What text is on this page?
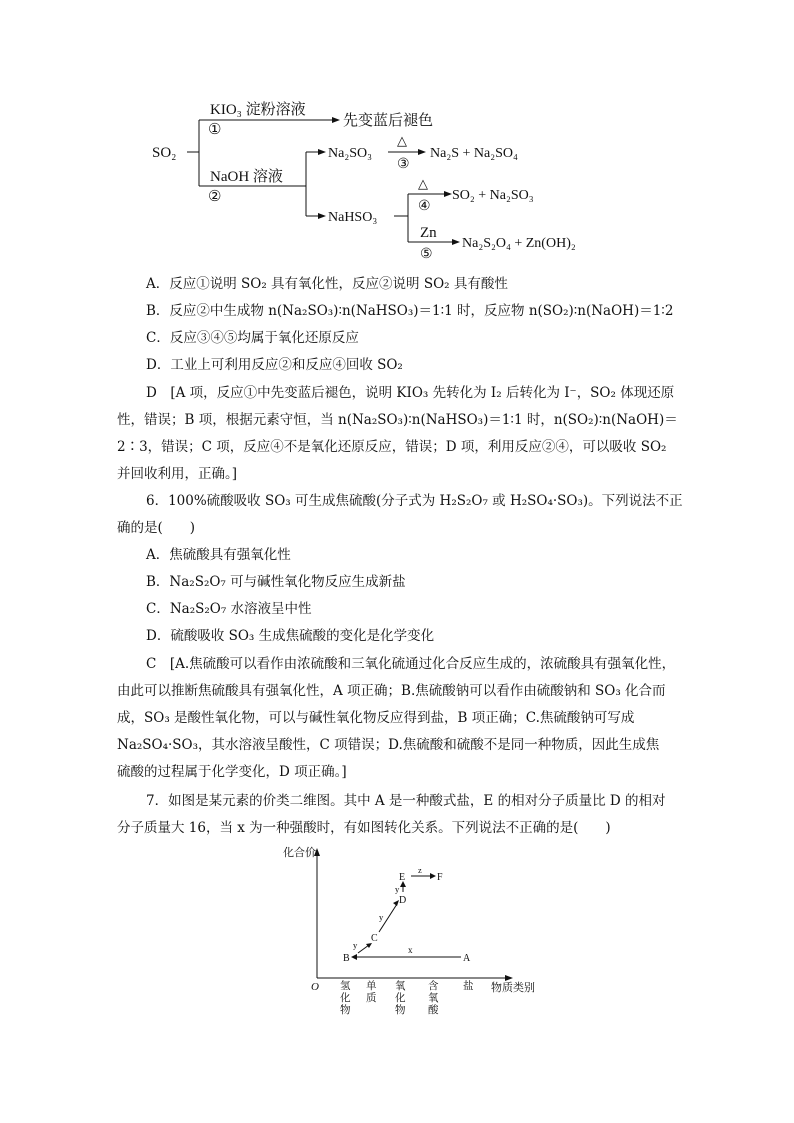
SO₂
KIO₃ 淀粉溶液
①
先变蓝后褪色
NaOH 溶液
②
Na₂SO₃
△
③
Na₂S + Na₂SO₄
NaHSO₃
△
④
SO₂ + Na₂SO₃
Zn
⑤
Na₂S₂O₄ + Zn(OH)₂
A．反应①说明 SO₂ 具有氧化性，反应②说明 SO₂ 具有酸性
B．反应②中生成物 n(Na₂SO₃)∶n(NaHSO₃)＝1∶1 时，反应物 n(SO₂)∶n(NaOH)＝1∶2
C．反应③④⑤均属于氧化还原反应
D．工业上可利用反应②和反应④回收 SO₂
D　[A 项，反应①中先变蓝后褪色，说明 KIO₃ 先转化为 I₂ 后转化为 I⁻，SO₂ 体现还原
性，错误；B 项，根据元素守恒，当 n(Na₂SO₃)∶n(NaHSO₃)＝1∶1 时，n(SO₂)∶n(NaOH)＝
2∶3，错误；C 项，反应④不是氧化还原反应，错误；D 项，利用反应②④，可以吸收 SO₂
并回收利用，正确。]
6．100%硫酸吸收 SO₃ 可生成焦硫酸(分子式为 H₂S₂O₇ 或 H₂SO₄·SO₃)。下列说法不正
确的是(　　)
A．焦硫酸具有强氧化性
B．Na₂S₂O₇ 可与碱性氧化物反应生成新盐
C．Na₂S₂O₇ 水溶液呈中性
D．硫酸吸收 SO₃ 生成焦硫酸的变化是化学变化
C　[A.焦硫酸可以看作由浓硫酸和三氧化硫通过化合反应生成的，浓硫酸具有强氧化性，
由此可以推断焦硫酸具有强氧化性，A 项正确；B.焦硫酸钠可以看作由硫酸钠和 SO₃ 化合而
成，SO₃ 是酸性氧化物，可以与碱性氧化物反应得到盐，B 项正确；C.焦硫酸钠可写成
Na₂SO₄·SO₃，其水溶液呈酸性，C 项错误；D.焦硫酸和硫酸不是同一种物质，因此生成焦
硫酸的过程属于化学变化，D 项正确。]
7．如图是某元素的价类二维图。其中 A 是一种酸式盐，E 的相对分子质量比 D 的相对
分子质量大 16，当 x 为一种强酸时，有如图转化关系。下列说法不正确的是(　　)
化合价
物质类别
O 氢 化 物
单 质
氧 化 物
含 氧 酸
盐
A
B
C
D
E	F
x
y
y
y
z
